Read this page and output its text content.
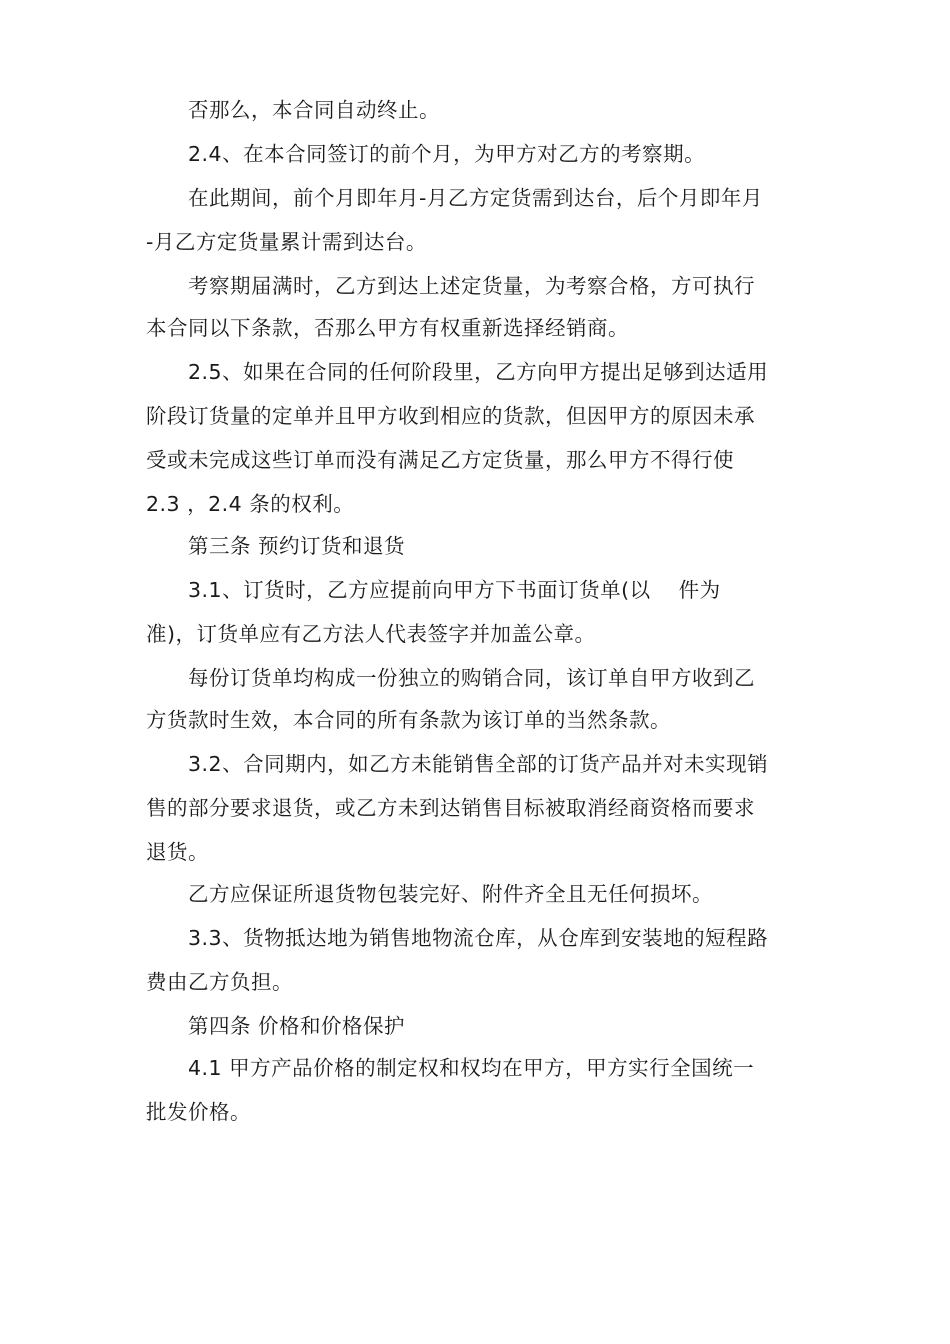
否那么，本合同自动终止。
2.4、在本合同签订的前个月，为甲方对乙方的考察期。
在此期间，前个月即年月-月乙方定货需到达台，后个月即年月
-月乙方定货量累计需到达台。
考察期届满时，乙方到达上述定货量，为考察合格，方可执行
本合同以下条款，否那么甲方有权重新选择经销商。
2.5、如果在合同的任何阶段里，乙方向甲方提出足够到达适用
阶段订货量的定单并且甲方收到相应的货款，但因甲方的原因未承
受或未完成这些订单而没有满足乙方定货量，那么甲方不得行使
2.3 ，2.4 条的权利。
第三条 预约订货和退货
3.1、订货时，乙方应提前向甲方下书面订货单(以    件为
准)，订货单应有乙方法人代表签字并加盖公章。
每份订货单均构成一份独立的购销合同，该订单自甲方收到乙
方货款时生效，本合同的所有条款为该订单的当然条款。
3.2、合同期内，如乙方未能销售全部的订货产品并对未实现销
售的部分要求退货，或乙方未到达销售目标被取消经商资格而要求
退货。
乙方应保证所退货物包装完好、附件齐全且无任何损坏。
3.3、货物抵达地为销售地物流仓库，从仓库到安装地的短程路
费由乙方负担。
第四条 价格和价格保护
4.1 甲方产品价格的制定权和权均在甲方，甲方实行全国统一
批发价格。
